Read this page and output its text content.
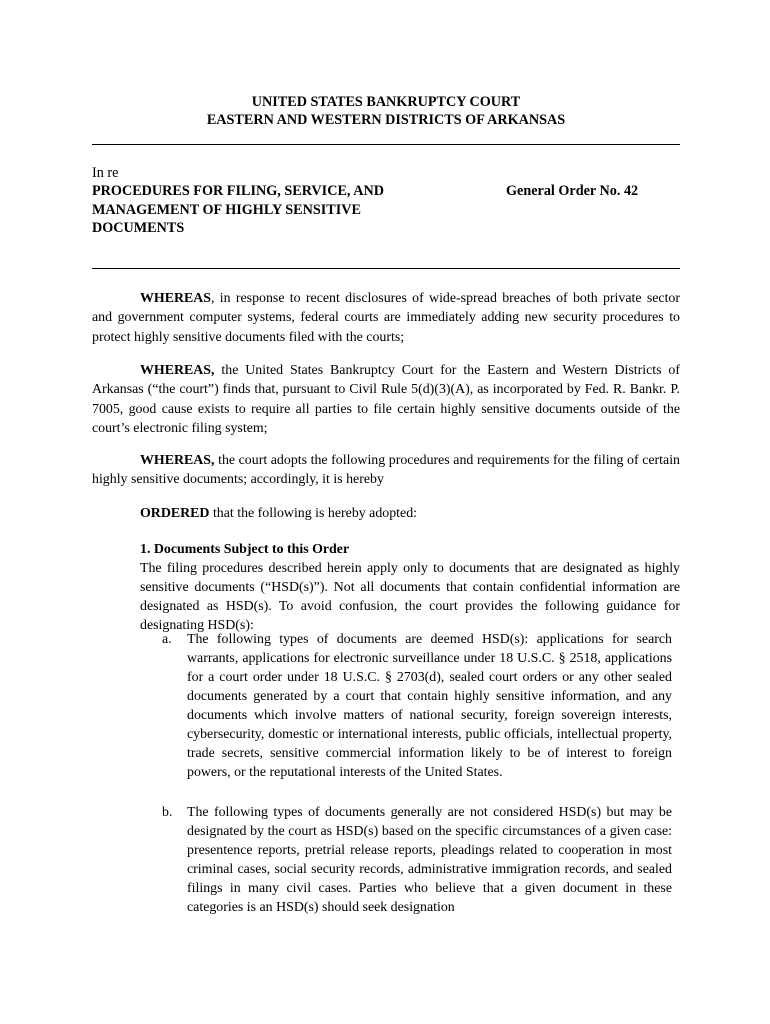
UNITED STATES BANKRUPTCY COURT
EASTERN AND WESTERN DISTRICTS OF ARKANSAS
In re
PROCEDURES FOR FILING, SERVICE, AND
MANAGEMENT OF HIGHLY SENSITIVE
DOCUMENTS
General Order No. 42
WHEREAS, in response to recent disclosures of wide-spread breaches of both private sector and government computer systems, federal courts are immediately adding new security procedures to protect highly sensitive documents filed with the courts;
WHEREAS, the United States Bankruptcy Court for the Eastern and Western Districts of Arkansas (“the court”) finds that, pursuant to Civil Rule 5(d)(3)(A), as incorporated by Fed. R. Bankr. P. 7005, good cause exists to require all parties to file certain highly sensitive documents outside of the court’s electronic filing system;
WHEREAS, the court adopts the following procedures and requirements for the filing of certain highly sensitive documents; accordingly, it is hereby
ORDERED that the following is hereby adopted:
1. Documents Subject to this Order
The filing procedures described herein apply only to documents that are designated as highly sensitive documents (“HSD(s)”). Not all documents that contain confidential information are designated as HSD(s). To avoid confusion, the court provides the following guidance for designating HSD(s):
a. The following types of documents are deemed HSD(s): applications for search warrants, applications for electronic surveillance under 18 U.S.C. § 2518, applications for a court order under 18 U.S.C. § 2703(d), sealed court orders or any other sealed documents generated by a court that contain highly sensitive information, and any documents which involve matters of national security, foreign sovereign interests, cybersecurity, domestic or international interests, public officials, intellectual property, trade secrets, sensitive commercial information likely to be of interest to foreign powers, or the reputational interests of the United States.
b. The following types of documents generally are not considered HSD(s) but may be designated by the court as HSD(s) based on the specific circumstances of a given case: presentence reports, pretrial release reports, pleadings related to cooperation in most criminal cases, social security records, administrative immigration records, and sealed filings in many civil cases. Parties who believe that a given document in these categories is an HSD(s) should seek designation
